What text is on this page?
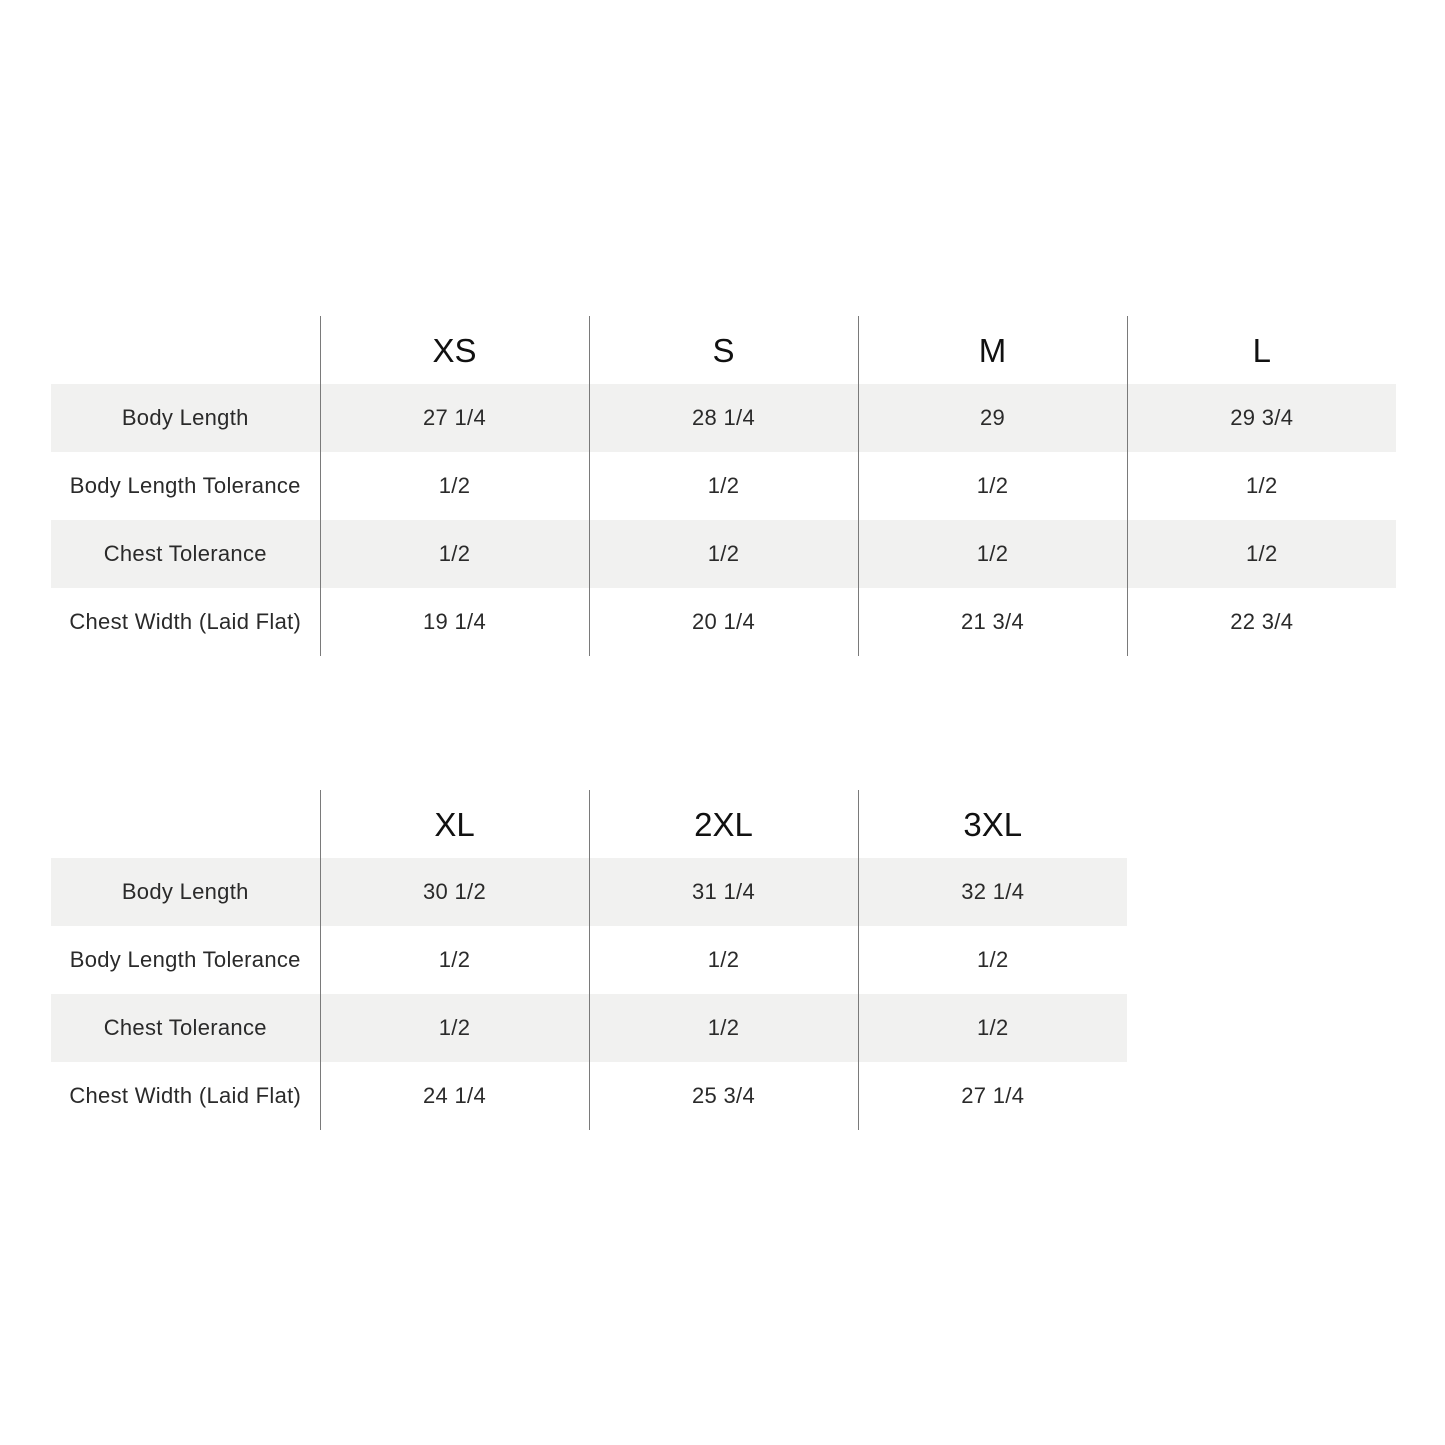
	XS	S	M	L
Body Length	27 1/4	28 1/4	29	29 3/4
Body Length Tolerance	1/2	1/2	1/2	1/2
Chest Tolerance	1/2	1/2	1/2	1/2
Chest Width (Laid Flat)	19 1/4	20 1/4	21 3/4	22 3/4
	XL	2XL	3XL
Body Length	30 1/2	31 1/4	32 1/4
Body Length Tolerance	1/2	1/2	1/2
Chest Tolerance	1/2	1/2	1/2
Chest Width (Laid Flat)	24 1/4	25 3/4	27 1/4
